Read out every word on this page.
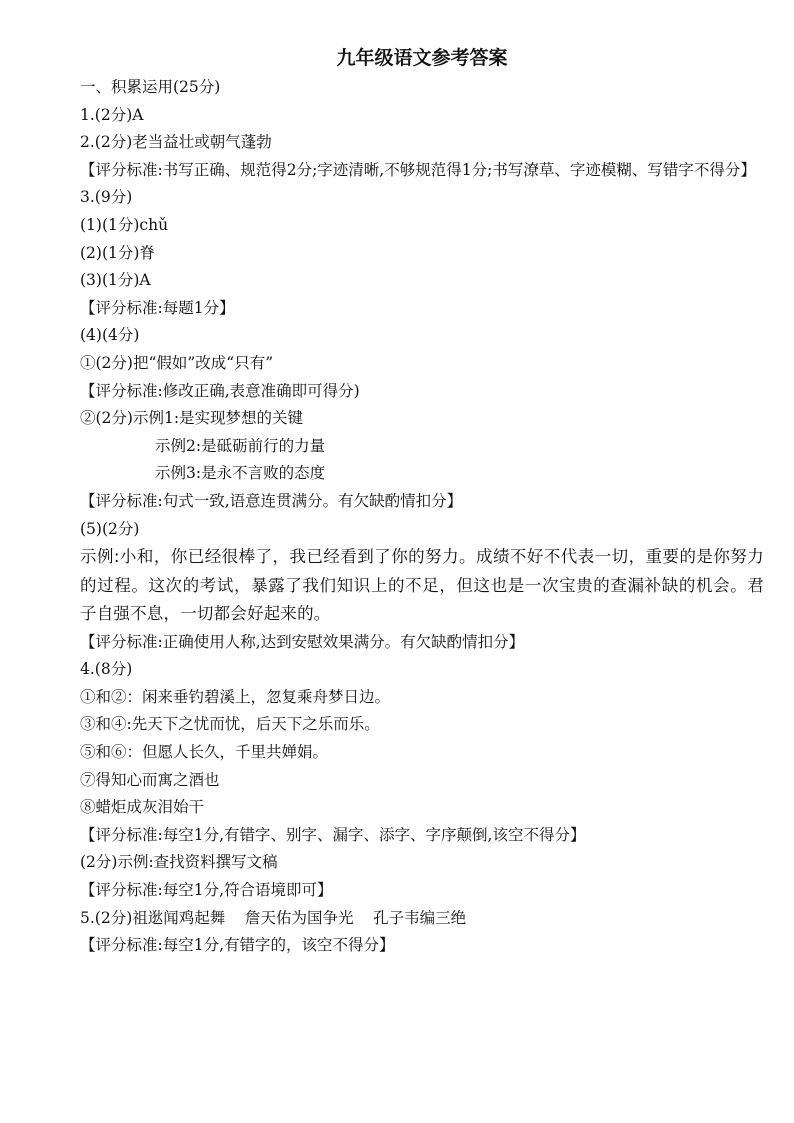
九年级语文参考答案
一、积累运用(25分)
1.(2分)A
2.(2分)老当益壮或朝气蓬勃
【评分标准:书写正确、规范得2分;字迹清晰,不够规范得1分;书写潦草、字迹模糊、写错字不得分】
3.(9分)
(1)(1分)chǔ
(2)(1分)脊
(3)(1分)A
【评分标准:每题1分】
(4)(4分)
①(2分)把“假如”改成“只有”
【评分标准:修改正确,表意准确即可得分)
②(2分)示例1:是实现梦想的关键
示例2:是砥砺前行的力量
示例3:是永不言败的态度
【评分标准:句式一致,语意连贯满分。有欠缺酌情扣分】
(5)(2分)
示例:小和，你已经很棒了，我已经看到了你的努力。成绩不好不代表一切，重要的是你努力的过程。这次的考试，暴露了我们知识上的不足，但这也是一次宝贵的查漏补缺的机会。君子自强不息，一切都会好起来的。
【评分标准:正确使用人称,达到安慰效果满分。有欠缺酌情扣分】
4.(8分)
①和②：闲来垂钓碧溪上，忽复乘舟梦日边。
③和④:先天下之忧而忧，后天下之乐而乐。
⑤和⑥：但愿人长久，千里共婵娟。
⑦得知心而寓之酒也
⑧蜡炬成灰泪始干
【评分标准:每空1分,有错字、别字、漏字、添字、字序颠倒,该空不得分】
(2分)示例:查找资料撰写文稿
【评分标准:每空1分,符合语境即可】
5.(2分)祖逖闻鸡起舞    詹天佑为国争光    孔子韦编三绝
【评分标准:每空1分,有错字的，该空不得分】
